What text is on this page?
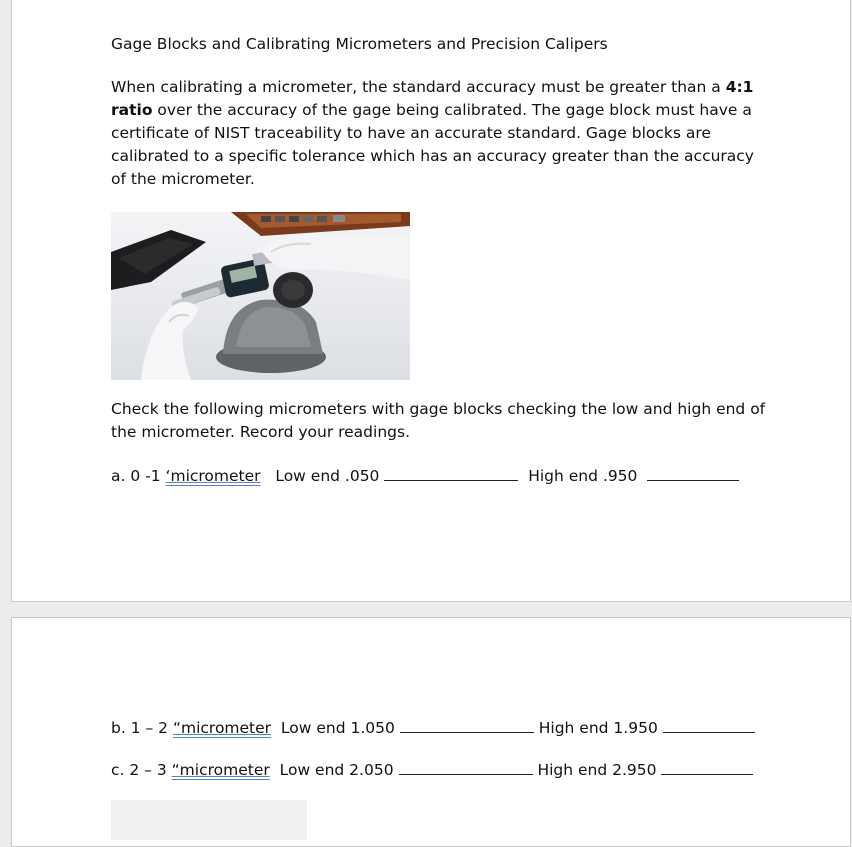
Gage Blocks and Calibrating Micrometers and Precision Calipers
When calibrating a micrometer, the standard accuracy must be greater than a 4:1 ratio over the accuracy of the gage being calibrated. The gage block must have a certificate of NIST traceability to have an accurate standard. Gage blocks are calibrated to a specific tolerance which has an accuracy greater than the accuracy of the micrometer.
Check the following micrometers with gage blocks checking the low and high end of the micrometer. Record your readings.
a. 0 -1 ‘micrometer Low end .050	High end .950
b. 1 – 2 “micrometer Low end 1.050	High end 1.950
c. 2 – 3 “micrometer Low end 2.050	High end 2.950
